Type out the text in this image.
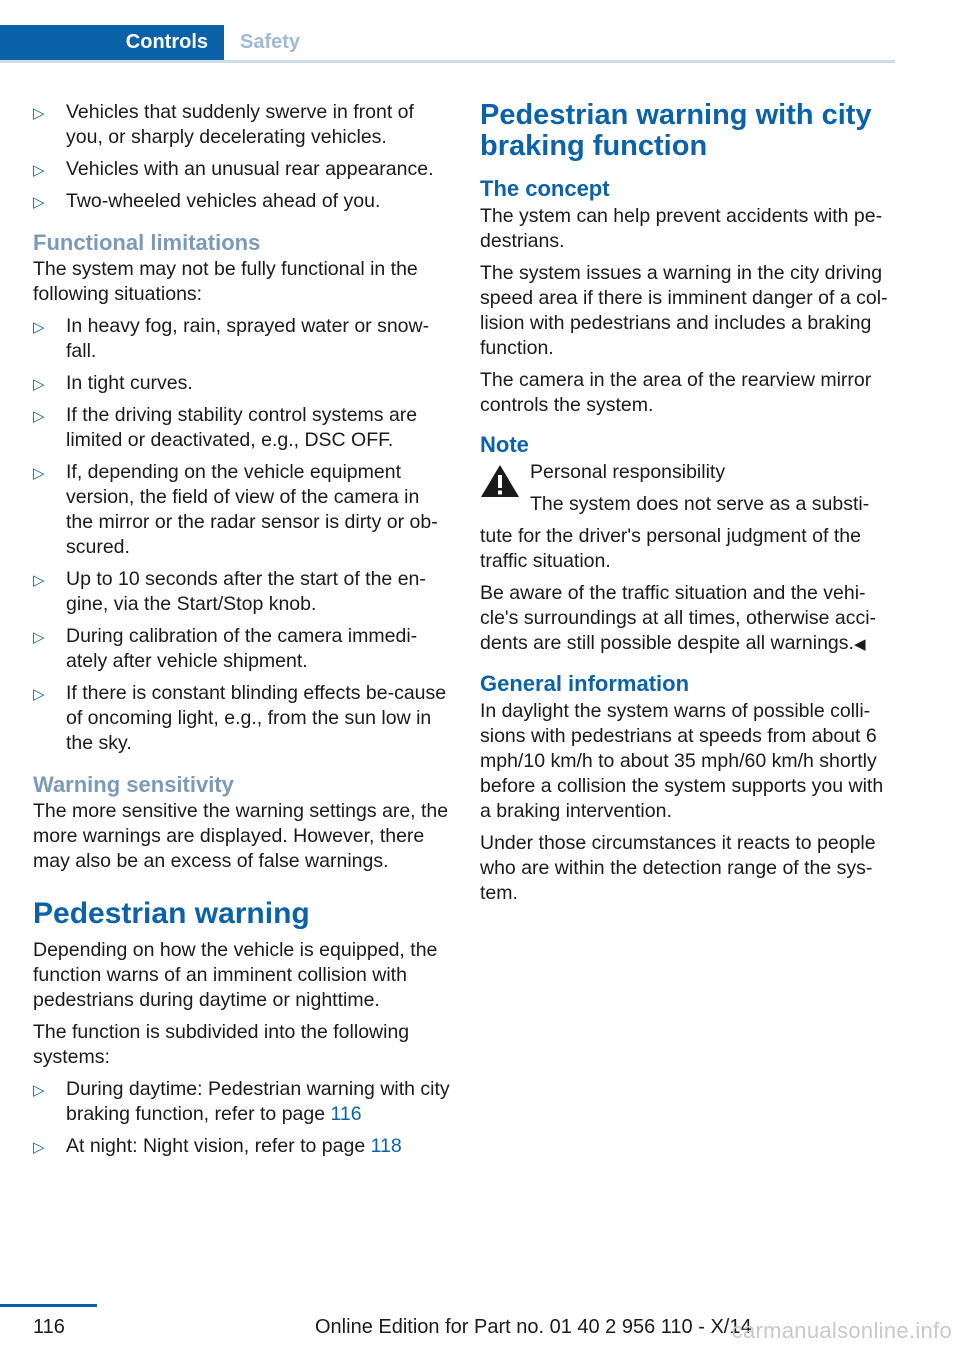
Controls	Safety
▷ Vehicles that suddenly swerve in front of you, or sharply decelerating vehicles.
▷ Vehicles with an unusual rear appearance.
▷ Two-wheeled vehicles ahead of you.
Functional limitations

The system may not be fully functional in the following situations:

▷ In heavy fog, rain, sprayed water or snow‐fall.
▷ In tight curves.
▷ If the driving stability control systems are limited or deactivated, e.g., DSC OFF.
▷ If, depending on the vehicle equipment version, the field of view of the camera in the mirror or the radar sensor is dirty or ob‐scured.
▷ Up to 10 seconds after the start of the en‐gine, via the Start/Stop knob.
▷ During calibration of the camera immedi‐ately after vehicle shipment.
▷ If there is constant blinding effects be‐cause of oncoming light, e.g., from the sun low in the sky.
Warning sensitivity

The more sensitive the warning settings are, the more warnings are displayed. However, there may also be an excess of false warnings.

Pedestrian warning

Depending on how the vehicle is equipped, the function warns of an imminent collision with pedestrians during daytime or nighttime.

The function is subdivided into the following systems:

▷ During daytime: Pedestrian warning with city braking function, refer to page 116
▷ At night: Night vision, refer to page 118
Pedestrian warning with city braking function
The concept

The ystem can help prevent accidents with pe‐destrians.

The system issues a warning in the city driving speed area if there is imminent danger of a col‐lision with pedestrians and includes a braking function.

The camera in the area of the rearview mirror controls the system.

Note

Personal responsibility

The system does not serve as a substi‐

tute for the driver's personal judgment of the traffic situation.

Be aware of the traffic situation and the vehi‐cle's surroundings at all times, otherwise acci‐dents are still possible despite all warnings.◀

General information

In daylight the system warns of possible colli‐sions with pedestrians at speeds from about 6 mph/10 km/h to about 35 mph/60 km/h shortly before a collision the system supports you with a braking intervention.

Under those circumstances it reacts to people who are within the detection range of the sys‐tem.

116	Online Edition for Part no. 01 40 2 956 110 - X/14
carmanualsonline.info
